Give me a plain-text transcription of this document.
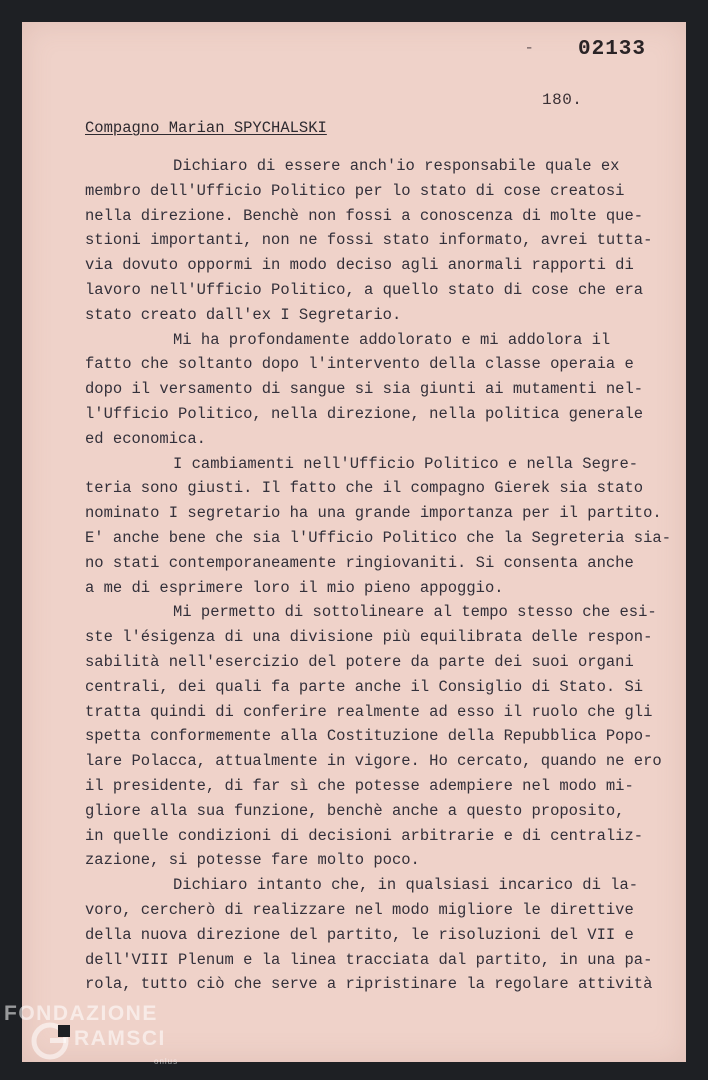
- 02133
180.
Compagno Marian SPYCHALSKI
Dichiaro di essere anch'io responsabile quale ex
membro dell'Ufficio Politico per lo stato di cose creatosi
nella direzione. Benchè non fossi a conoscenza di molte que-
stioni importanti, non ne fossi stato informato, avrei tutta-
via dovuto oppormi in modo deciso agli anormali rapporti di
lavoro nell'Ufficio Politico, a quello stato di cose che era
stato creato dall'ex I Segretario.
Mi ha profondamente addolorato e mi addolora il
fatto che soltanto dopo l'intervento della classe operaia e
dopo il versamento di sangue si sia giunti ai mutamenti nel-
l'Ufficio Politico, nella direzione, nella politica generale
ed economica.
I cambiamenti nell'Ufficio Politico e nella Segre-
teria sono giusti. Il fatto che il compagno Gierek sia stato
nominato I segretario ha una grande importanza per il partito.
E' anche bene che sia l'Ufficio Politico che la Segreteria sia-
no stati contemporaneamente ringiovaniti. Si consenta anche
a me di esprimere loro il mio pieno appoggio.
Mi permetto di sottolineare al tempo stesso che esi-
ste l'ésigenza di una divisione più equilibrata delle respon-
sabilità nell'esercizio del potere da parte dei suoi organi
centrali, dei quali fa parte anche il Consiglio di Stato. Si
tratta quindi di conferire realmente ad esso il ruolo che gli
spetta conformemente alla Costituzione della Repubblica Popo-
lare Polacca, attualmente in vigore. Ho cercato, quando ne ero
il presidente, di far sì che potesse adempiere nel modo mi-
gliore alla sua funzione, benchè anche a questo proposito,
in quelle condizioni di decisioni arbitrarie e di centraliz-
zazione, si potesse fare molto poco.
Dichiaro intanto che, in qualsiasi incarico di la-
voro, cercherò di realizzare nel modo migliore le direttive
della nuova direzione del partito, le risoluzioni del VII e
dell'VIII Plenum e la linea tracciata dal partito, in una pa-
rola, tutto ciò che serve a ripristinare la regolare attività
FONDAZIONE
RAMSCI
onlus
